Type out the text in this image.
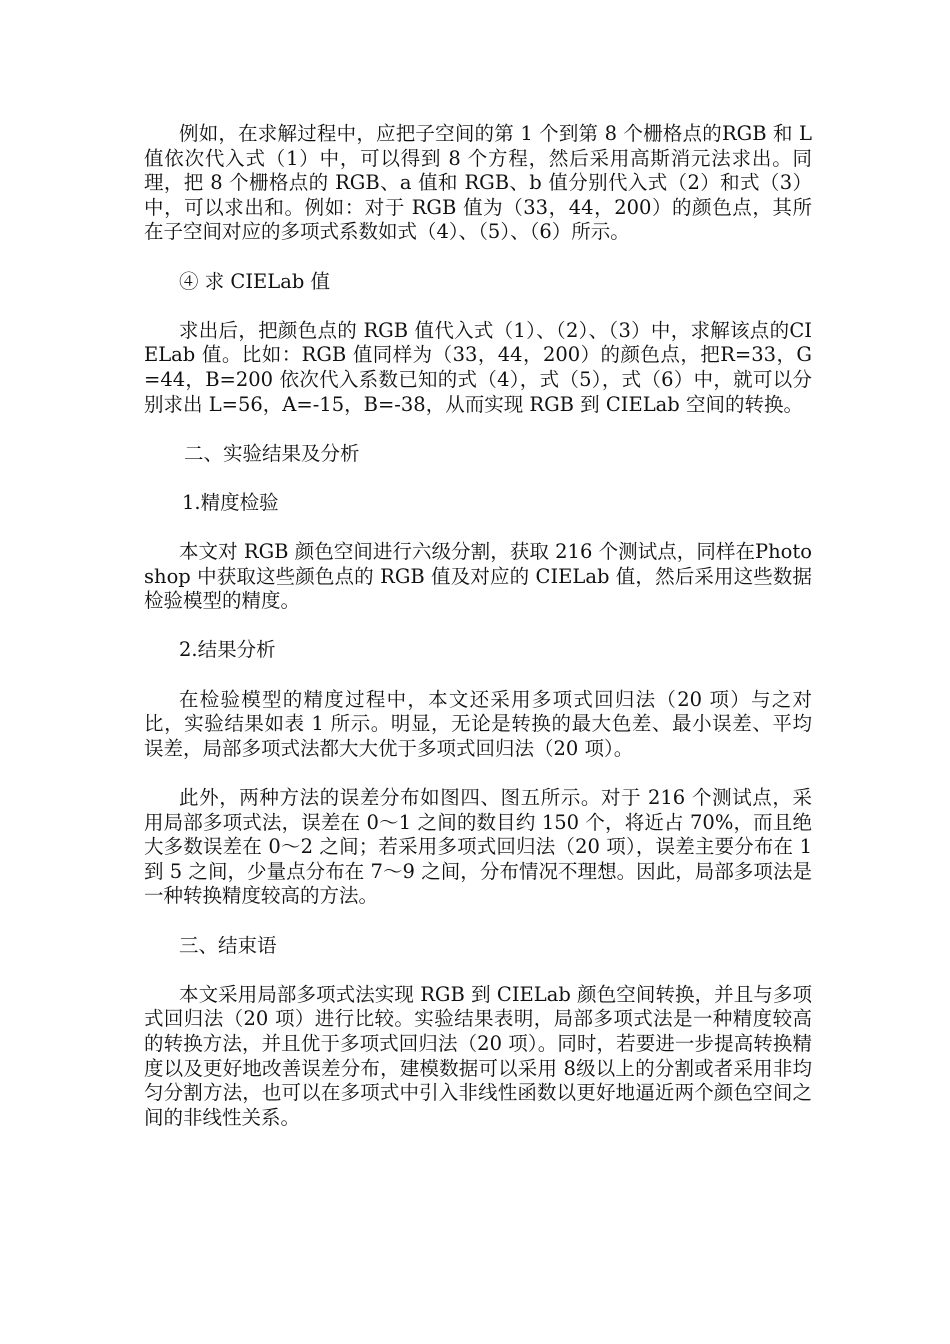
例如，在求解过程中，应把子空间的第 1 个到第 8 个栅格点的RGB 和 L 值依次代入式（1）中，可以得到 8 个方程，然后采用高斯消元法求出。同理，把 8 个栅格点的 RGB、a 值和 RGB、b 值分别代入式（2）和式（3）中，可以求出和。例如：对于 RGB 值为（33，44，200）的颜色点，其所在子空间对应的多项式系数如式（4）、（5）、（6）所示。

④ 求 CIELab 值

求出后，把颜色点的 RGB 值代入式（1）、（2）、（3）中，求解该点的CIELab 值。比如：RGB 值同样为（33，44，200）的颜色点，把R=33，G=44，B=200 依次代入系数已知的式（4），式（5），式（6）中，就可以分别求出 L=56，A=-15，B=-38，从而实现 RGB 到 CIELab 空间的转换。

二、实验结果及分析

1.精度检验

本文对 RGB 颜色空间进行六级分割，获取 216 个测试点，同样在Photoshop 中获取这些颜色点的 RGB 值及对应的 CIELab 值，然后采用这些数据检验模型的精度。

2.结果分析

在检验模型的精度过程中，本文还采用多项式回归法（20 项）与之对比，实验结果如表 1 所示。明显，无论是转换的最大色差、最小误差、平均误差，局部多项式法都大大优于多项式回归法（20 项）。

此外，两种方法的误差分布如图四、图五所示。对于 216 个测试点，采用局部多项式法，误差在 0～1 之间的数目约 150 个，将近占 70%，而且绝大多数误差在 0～2 之间；若采用多项式回归法（20 项），误差主要分布在 1 到 5 之间，少量点分布在 7～9 之间，分布情况不理想。因此，局部多项法是一种转换精度较高的方法。

三、结束语

本文采用局部多项式法实现 RGB 到 CIELab 颜色空间转换，并且与多项式回归法（20 项）进行比较。实验结果表明，局部多项式法是一种精度较高的转换方法，并且优于多项式回归法（20 项）。同时，若要进一步提高转换精度以及更好地改善误差分布，建模数据可以采用 8级以上的分割或者采用非均匀分割方法，也可以在多项式中引入非线性函数以更好地逼近两个颜色空间之间的非线性关系。
